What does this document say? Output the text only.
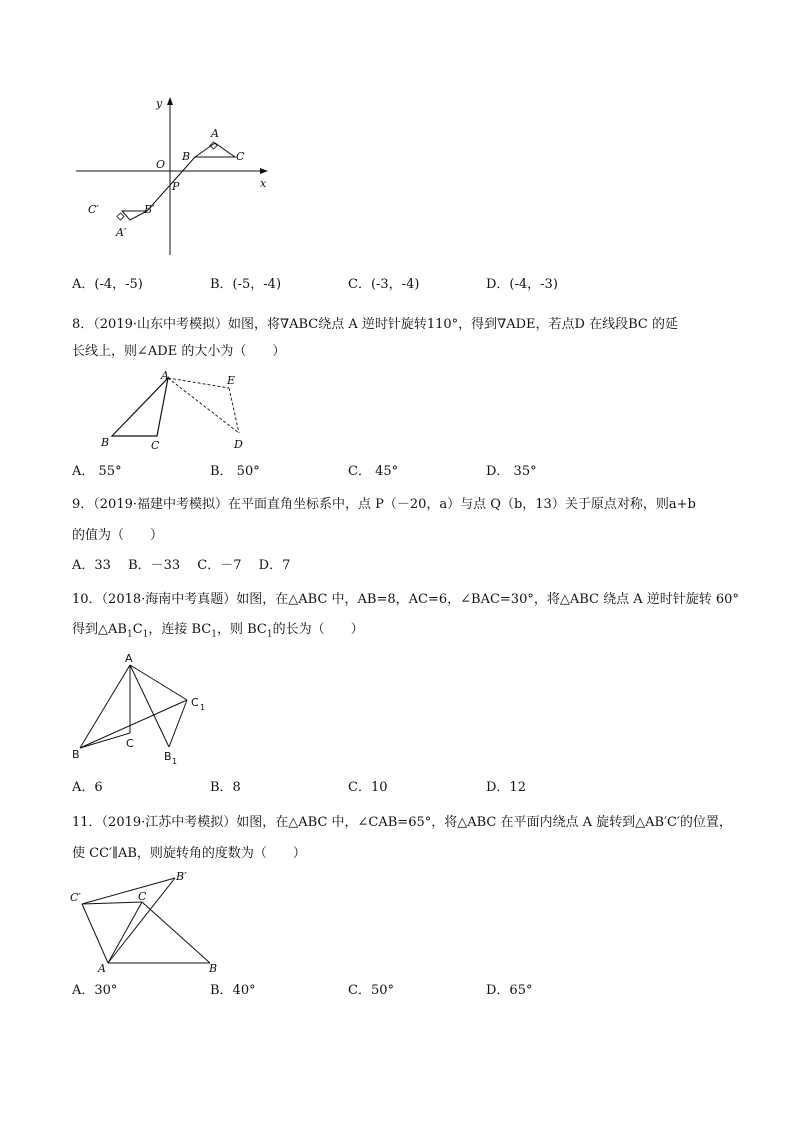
y
x
O
P
A
B	C
C′	B′
A′
A．(-4，-5)	B．(-5，-4)	C．(-3，-4)	D．(-4，-3)
8．（2019·山东中考模拟）如图，将∇ABC绕点 A 逆时针旋转110°，得到∇ADE，若点D 在线段BC 的延
长线上，则∠ADE 的大小为（　　）
A	E
B	C	D
A． 55°	B． 50°	C． 45°	D． 35°
9．（2019·福建中考模拟）在平面直角坐标系中，点 P（－20，a）与点 Q（b，13）关于原点对称，则a+b
的值为（　　）
A．33　 B．－33　 C．－7　 D．7
10．（2018·海南中考真题）如图，在△ABC 中，AB=8，AC=6，∠BAC=30°，将△ABC 绕点 A 逆时针旋转 60°
得到$\triangle AB_1C_1$，连接 $BC_1$，则 $BC_1$的长为（　　）
A
C 1
B
C
B 1
A．6	B．8	C．10	D．12
11．（2019·江苏中考模拟）如图，在△ABC 中，∠CAB=65°，将△ABC 在平面内绕点 A 旋转到△AB′C′的位置，
使 CC′∥AB，则旋转角的度数为（　　）
C′	C
B′
A	B
A．30°	B．40°	C．50°	D．65°
